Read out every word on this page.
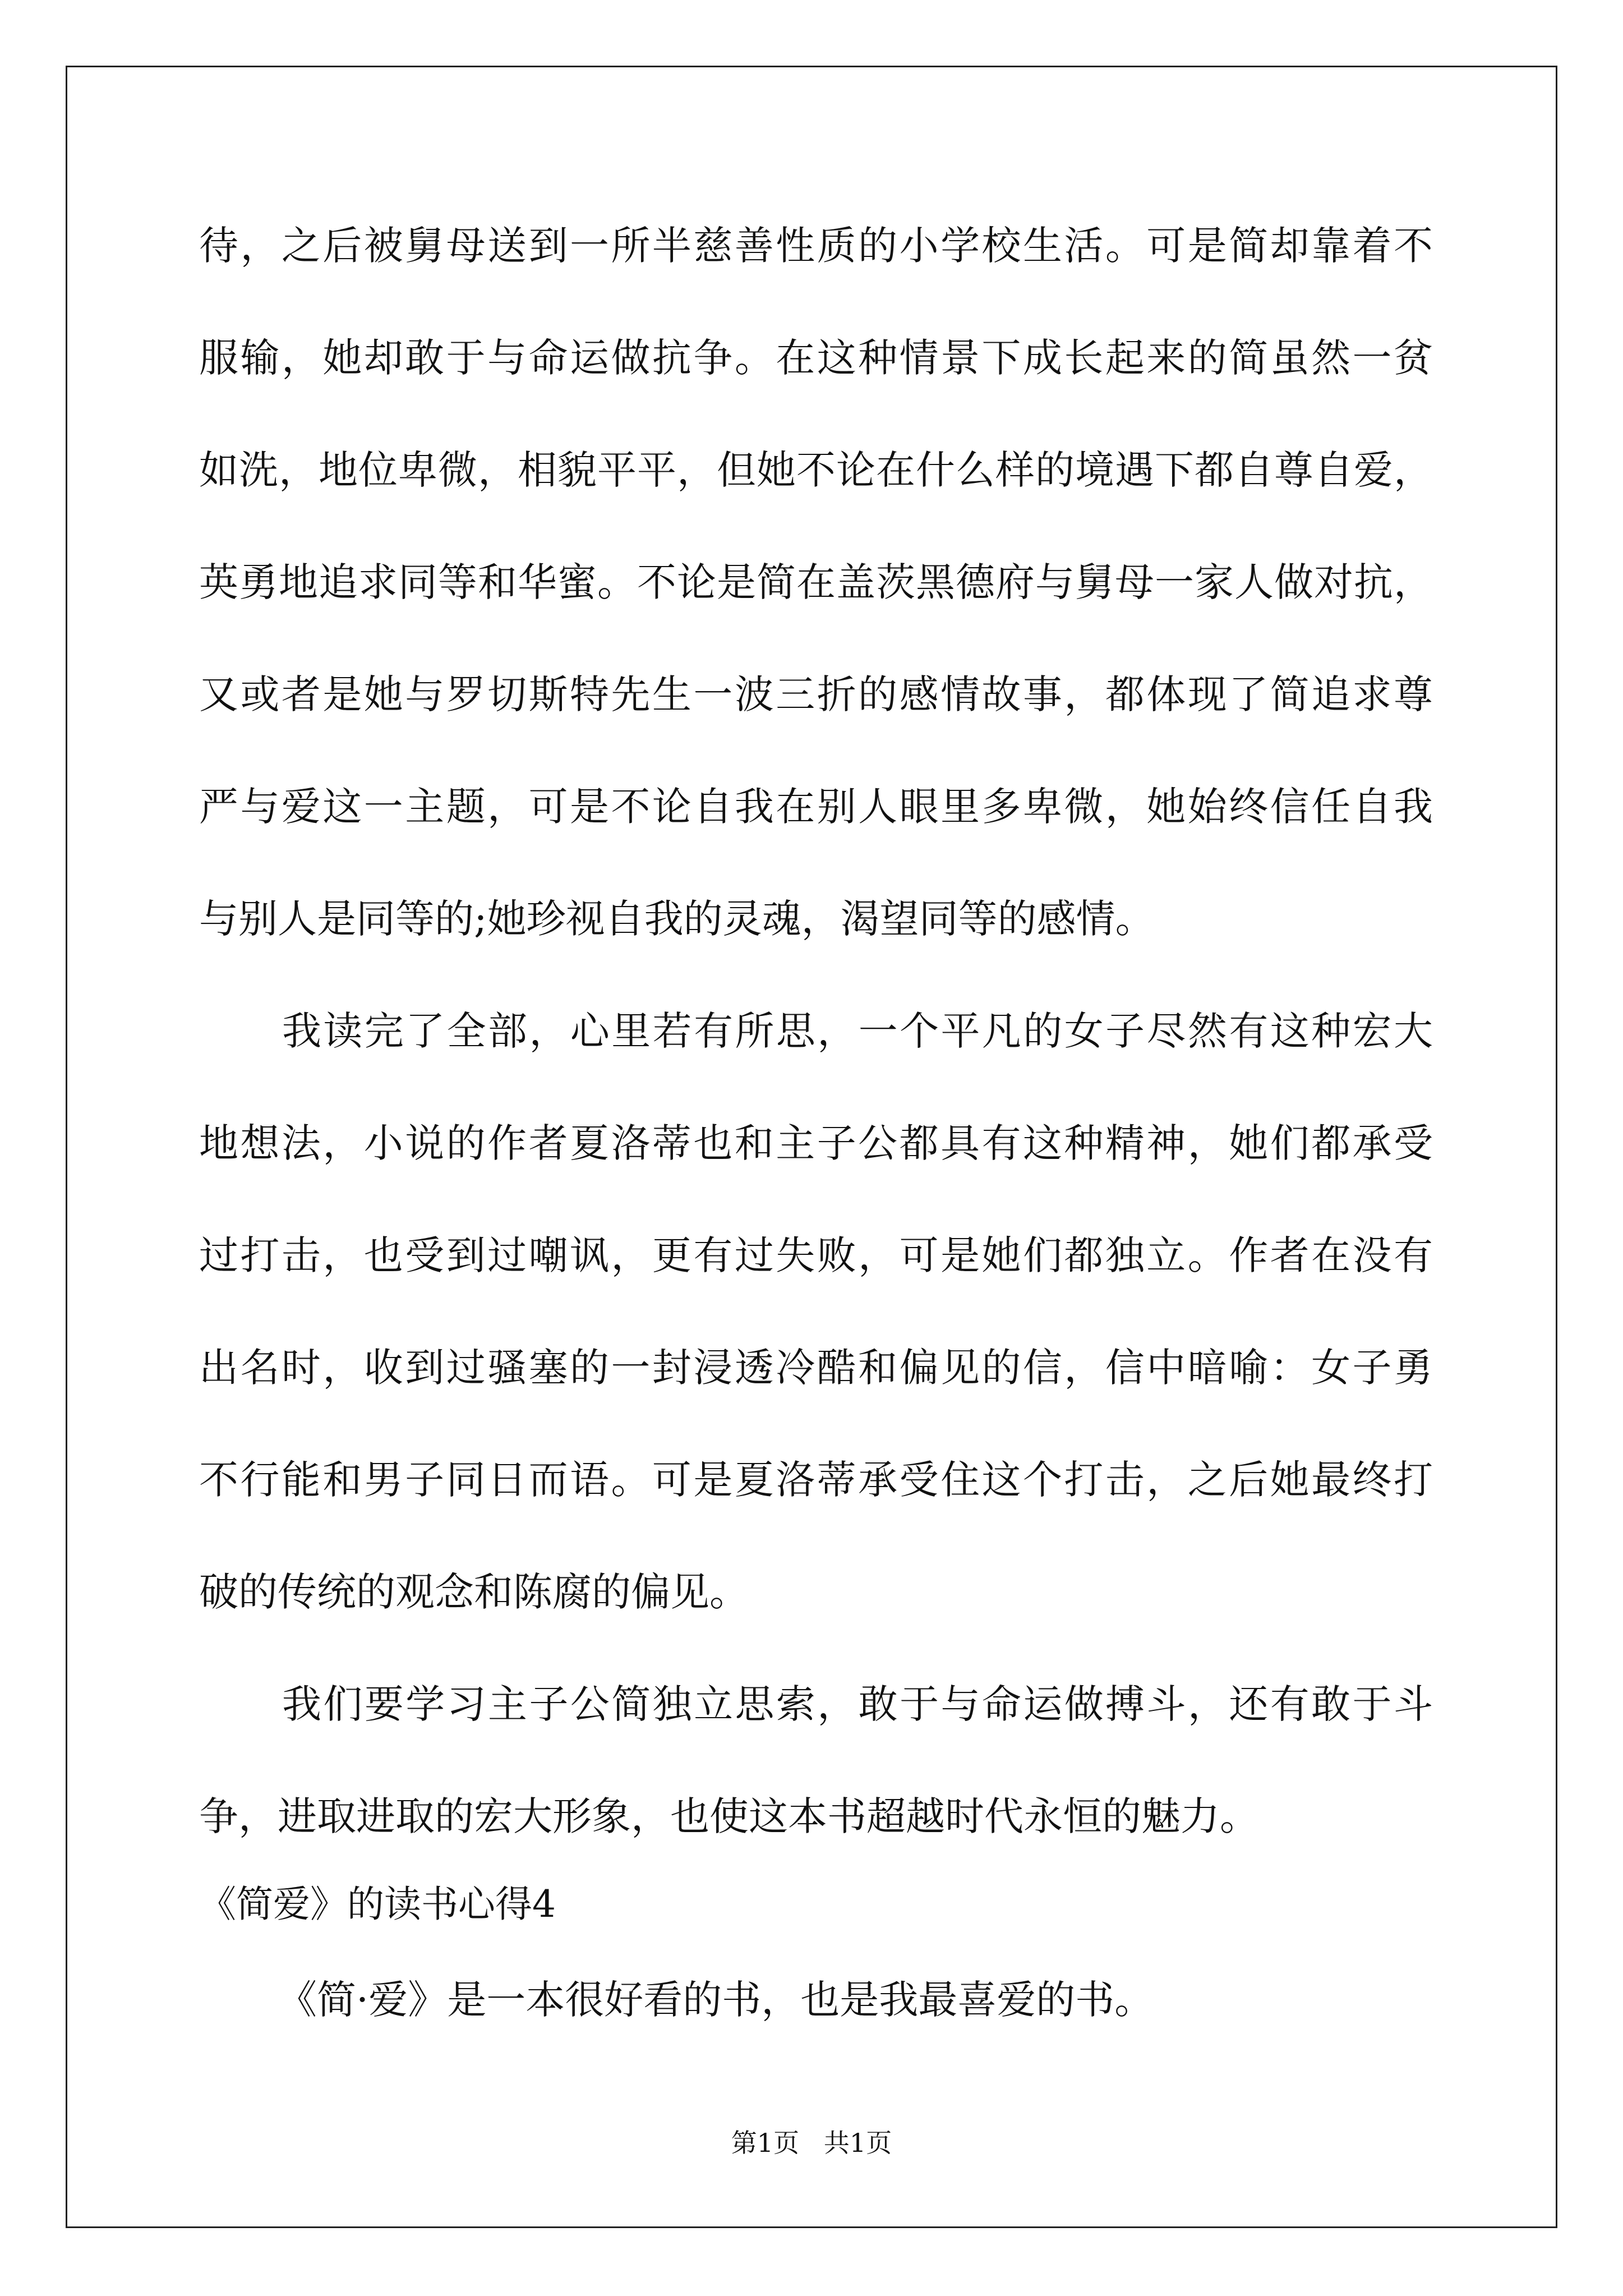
待，之后被舅母送到一所半慈善性质的小学校生活。可是简却靠着不
服输，她却敢于与命运做抗争。在这种情景下成长起来的简虽然一贫
如洗，地位卑微，相貌平平，但她不论在什么样的境遇下都自尊自爱，
英勇地追求同等和华蜜。不论是简在盖茨黑德府与舅母一家人做对抗，
又或者是她与罗切斯特先生一波三折的感情故事，都体现了简追求尊
严与爱这一主题，可是不论自我在别人眼里多卑微，她始终信任自我
与别人是同等的;她珍视自我的灵魂，渴望同等的感情。
我读完了全部，心里若有所思，一个平凡的女子尽然有这种宏大
地想法，小说的作者夏洛蒂也和主子公都具有这种精神，她们都承受
过打击，也受到过嘲讽，更有过失败，可是她们都独立。作者在没有
出名时，收到过骚塞的一封浸透冷酷和偏见的信，信中暗喻：女子勇
不行能和男子同日而语。可是夏洛蒂承受住这个打击，之后她最终打
破的传统的观念和陈腐的偏见。
我们要学习主子公简独立思索，敢于与命运做搏斗，还有敢于斗
争，进取进取的宏大形象，也使这本书超越时代永恒的魅力。
《简爱》的读书心得4
《简·爱》是一本很好看的书，也是我最喜爱的书。
第1页   共1页
